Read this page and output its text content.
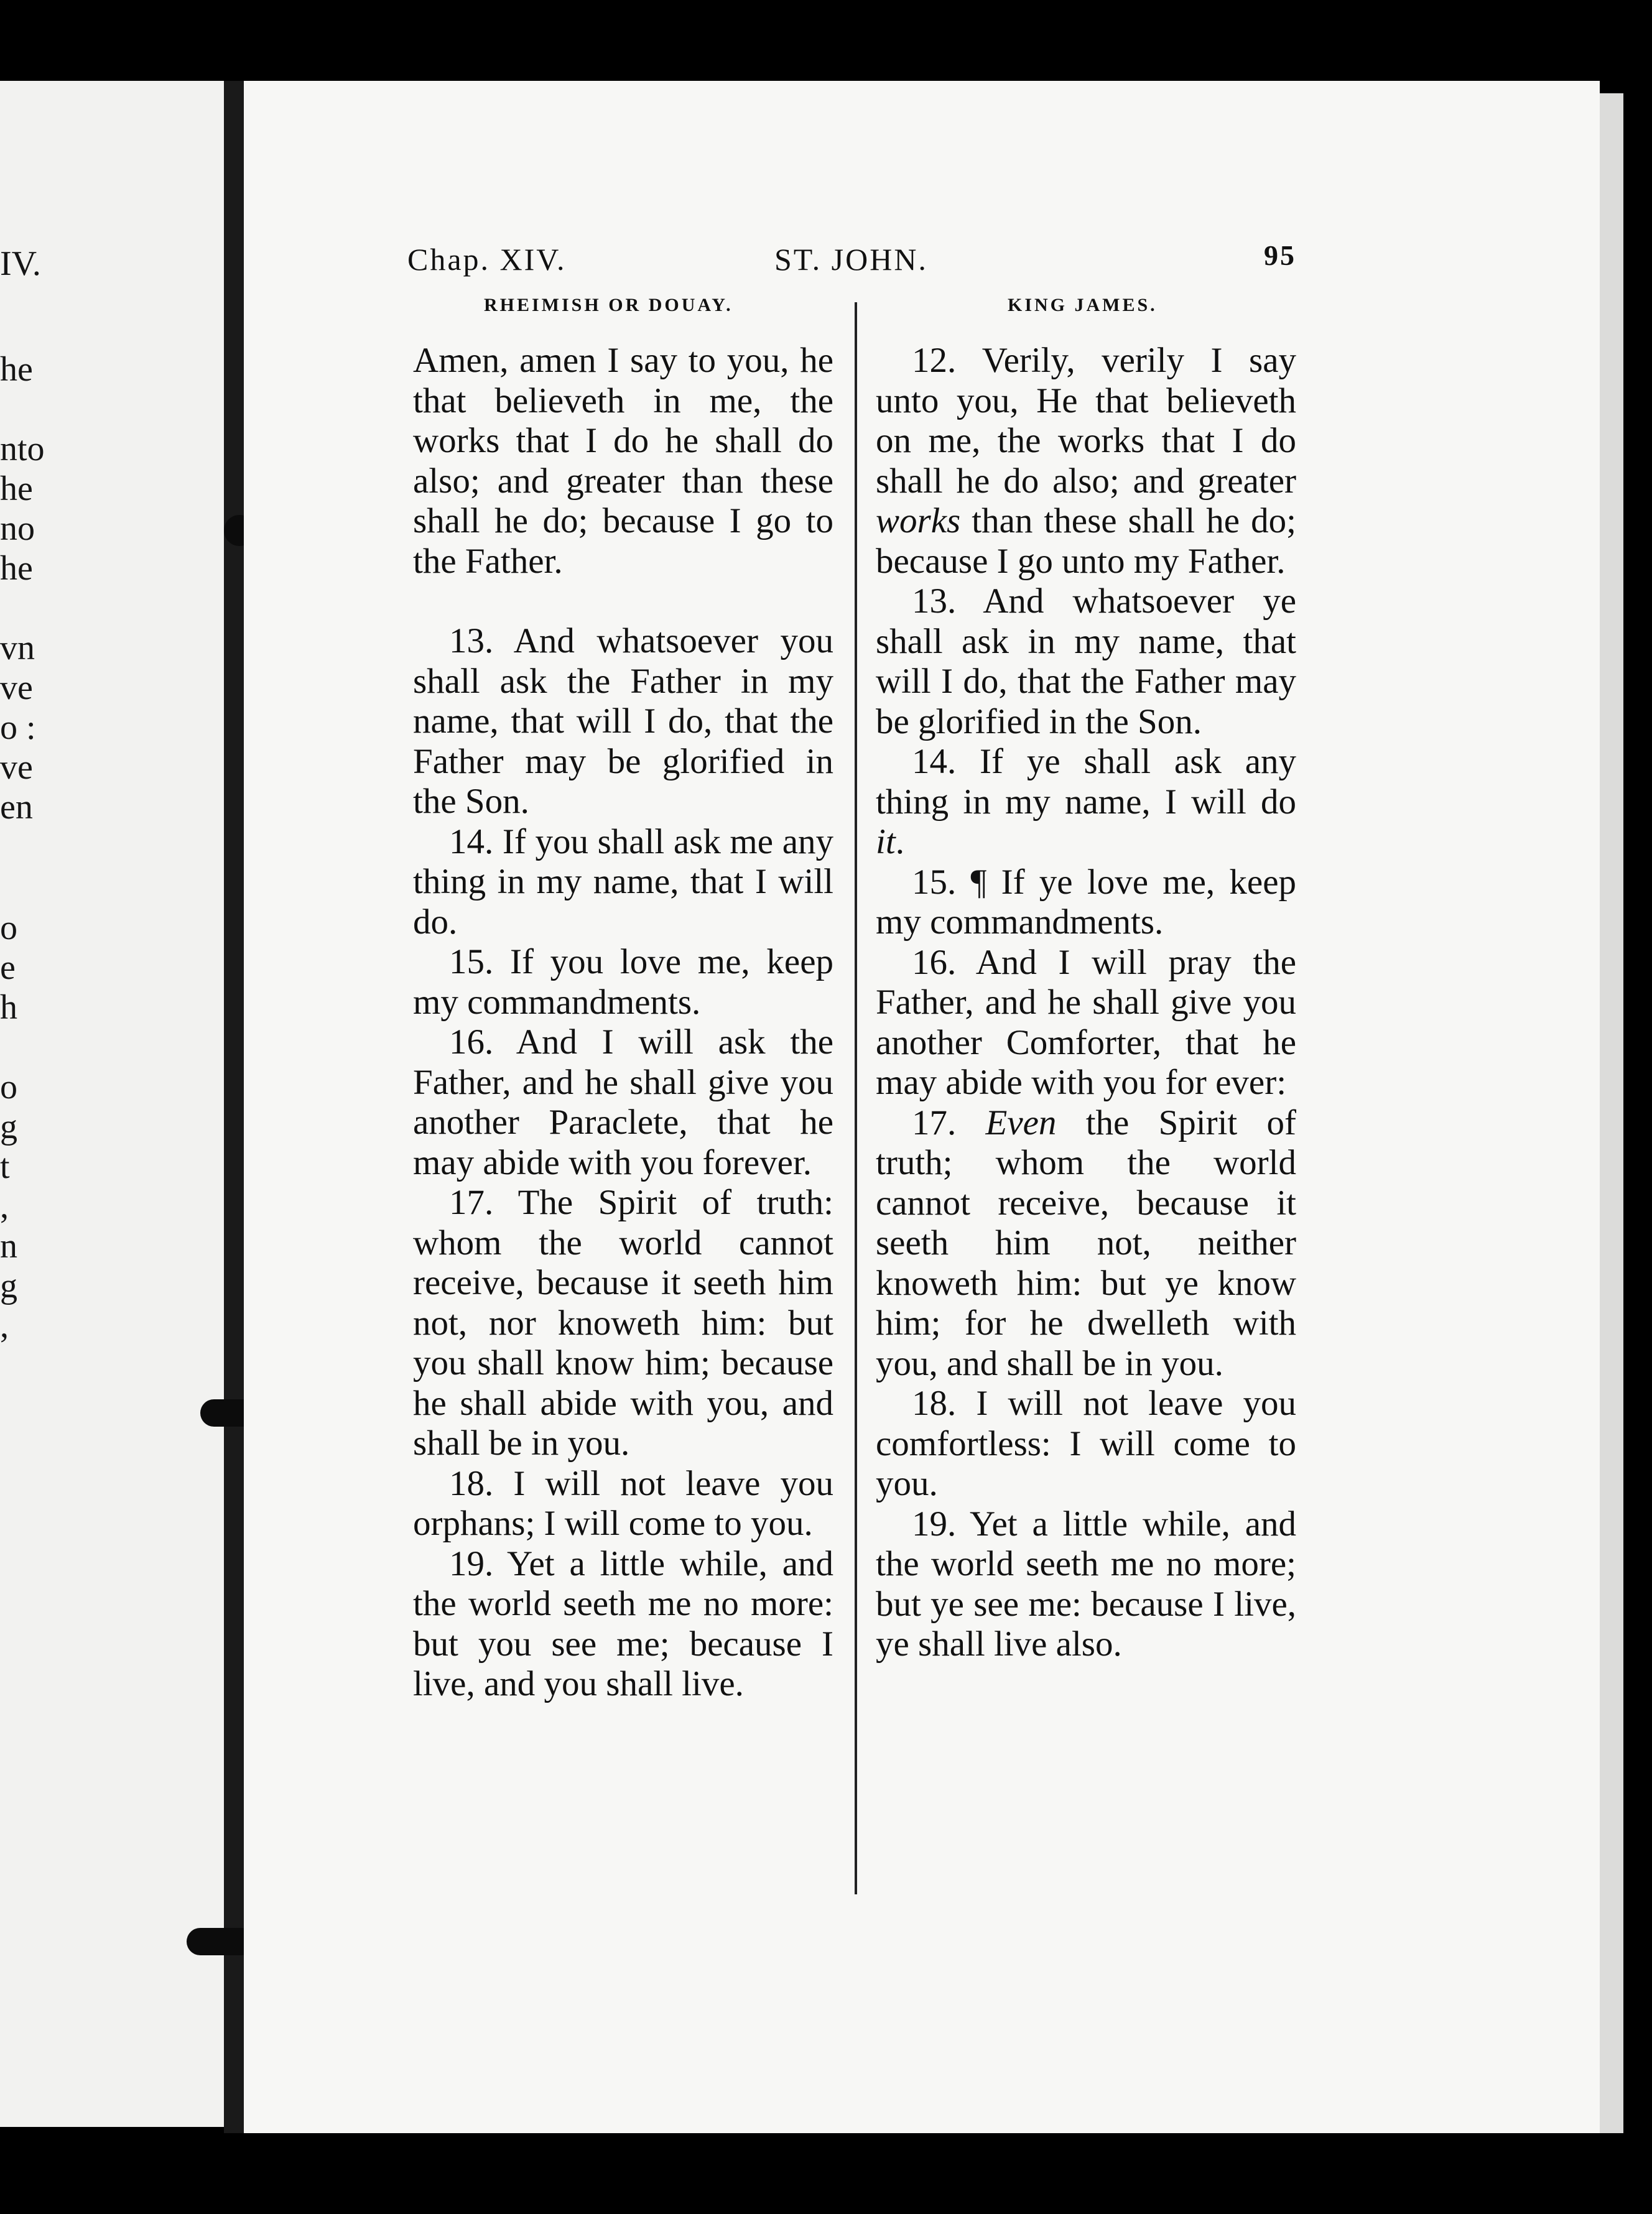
IV.
he
nto
he
no
he
vn
ve
o :
ve
en
o
e
h
o
g
t
,
n
g
,
Chap. XIV.	ST. JOHN.	95
RHEIMISH OR DOUAY.	KING JAMES.

Amen, amen I say to you, he that believeth in me, the works that I do he shall do also; and greater than these shall he do; because I go to the Father.

13. And whatsoever you shall ask the Father in my name, that will I do, that the Father may be glorified in the Son.

14. If you shall ask me any thing in my name, that I will do.

15. If you love me, keep my commandments.

16. And I will ask the Father, and he shall give you another Paraclete, that he may abide with you forever.

17. The Spirit of truth: whom the world cannot receive, because it seeth him not, nor knoweth him: but you shall know him; because he shall abide with you, and shall be in you.

18. I will not leave you orphans; I will come to you.

19. Yet a little while, and the world seeth me no more: but you see me; because I live, and you shall live.

12. Verily, verily I say unto you, He that believeth on me, the works that I do shall he do also; and greater works than these shall he do; because I go unto my Father.

13. And whatsoever ye shall ask in my name, that will I do, that the Father may be glorified in the Son.

14. If ye shall ask any thing in my name, I will do it.

15. ¶ If ye love me, keep my commandments.

16. And I will pray the Father, and he shall give you another Comforter, that he may abide with you for ever:

17. Even the Spirit of truth; whom the world cannot receive, because it seeth him not, neither knoweth him: but ye know him; for he dwelleth with you, and shall be in you.

18. I will not leave you comfortless: I will come to you.

19. Yet a little while, and the world seeth me no more; but ye see me: because I live, ye shall live also.
